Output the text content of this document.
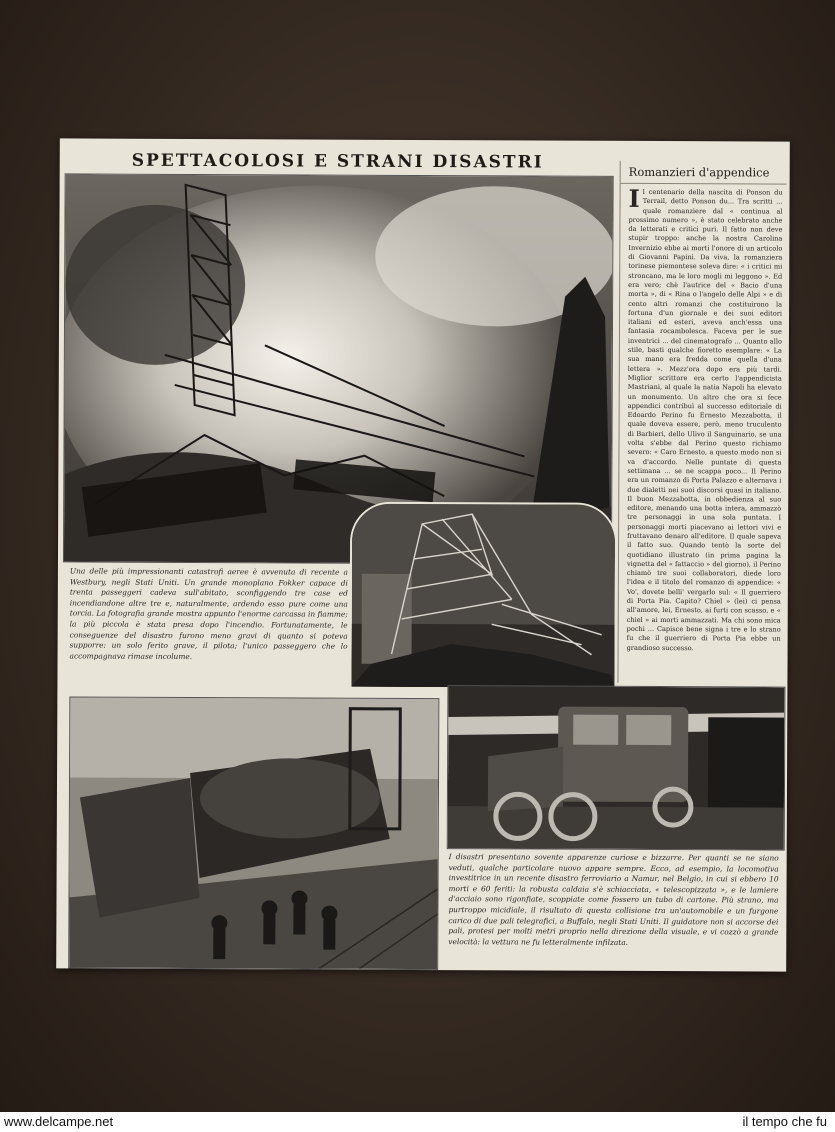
SPETTACOLOSI E STRANI DISASTRI
Una delle più impressionanti catastrofi aeree è avvenuta di recente a Westbury, negli Stati Uniti. Un grande monoplano Fokker capace di trenta passeggeri cadeva sull'abitato, sconfiggendo tre case ed incendiandone altre tre e, naturalmente, ardendo esso pure come una torcia. La fotografia grande mostra appunto l'enorme carcassa in fiamme; la più piccola è stata presa dopo l'incendio. Fortunatamente, le conseguenze del disastro furono meno gravi di quanto si poteva supporre: un solo ferito grave, il pilota; l'unico passeggero che lo accompagnava rimase incolume.
Romanzieri d'appendice
Il centenario della nascita di Ponson du Terrail, detto Ponson du... Tra scritti ... quale romanziere dal « continua al prossimo numero », è stato celebrato anche da letterati e critici puri. Il fatto non deve stupir troppo: anche la nostra Carolina Invernizio ebbe ai morti l'onore di un articolo di Giovanni Papini. Da viva, la romanziera torinese piemontese soleva dire: « i critici mi stroncano, ma le loro mogli mi leggono ». Ed era vero; chè l'autrice del « Bacio d'una morta », di « Rina o l'angelo delle Alpi » e di cento altri romanzi che costituirono la fortuna d'un giornale e dei suoi editori italiani ed esteri, aveva anch'essa una fantasia rocambolesca. Faceva per le sue inventrici ... del cinematografo ... Quanto allo stile, basti qualche fioretto esemplare: « La sua mano era fredda come quella d'una lettera ». Mezz'ora dopo era più tardi. Miglior scrittore era certo l'appendicista Mastriani, al quale la natia Napoli ha elevato un monumento. Un altro che ora si fece appendici contribuì al successo editoriale di Edoardo Perino fu Ernesto Mezzabotta, il quale doveva essere, però, meno truculento di Barbieri, dello Ulivo il Sanguinario, se una volta s'ebbe dal Perino questo richiamo severo: « Caro Ernesto, a questo modo non si va d'accordo. Nelle puntate di questa settimana ... se ne scappa poco... Il Perino era un romanzo di Porta Palazzo e alternava i due dialetti nei suoi discorsi quasi in italiano. Il buon Mezzabotta, in obbedienza al suo editore, menando una botta intera, ammazzò tre personaggi in una sola puntata. I personaggi morti piacevano ai lettori vivi e fruttavano denaro all'editore. Il quale sapeva il fatto suo. Quando tentò la sorte del quotidiano illustrato (in prima pagina la vignetta del « fattaccio » del giorno), il Perino chiamò tre suoi collaboratori, diede loro l'idea e il titolo del romanzo di appendice: « Vo', dovete belli' vergarlo sul: « Il guerriero di Porta Pia. Capito? Chiel » (lei) ci pensa all'amore, lei, Ernesto, ai furti con scasso, e « chiel » ai morti ammazzati. Ma chi sono mica pochi ... Capisce bene signa i tre e lo strano fu che il guerriero di Porta Pia ebbe un grandioso successo.
I disastri presentano sovente apparenze curiose e bizzarre. Per quanti se ne siano veduti, qualche particolare nuovo appare sempre. Ecco, ad esempio, la locomotiva investitrice in un recente disastro ferroviario a Namur, nel Belgio, in cui si ebbero 10 morti e 60 feriti: la robusta caldaia s'è schiacciata, « telescopizzata », e le lamiere d'acciaio sono rigonfiate, scoppiate come fossero un tubo di cartone. Più strano, ma purtroppo micidiale, il risultato di questa collisione tra un'automobile e un furgone carico di due pali telegrafici, a Buffalo, negli Stati Uniti. Il guidatore non si accorse dei pali, protesi per molti metri proprio nella direzione della visuale, e vi cozzò a grande velocità: la vettura ne fu letteralmente infilzata.
www.delcampe.net	il tempo che fu
